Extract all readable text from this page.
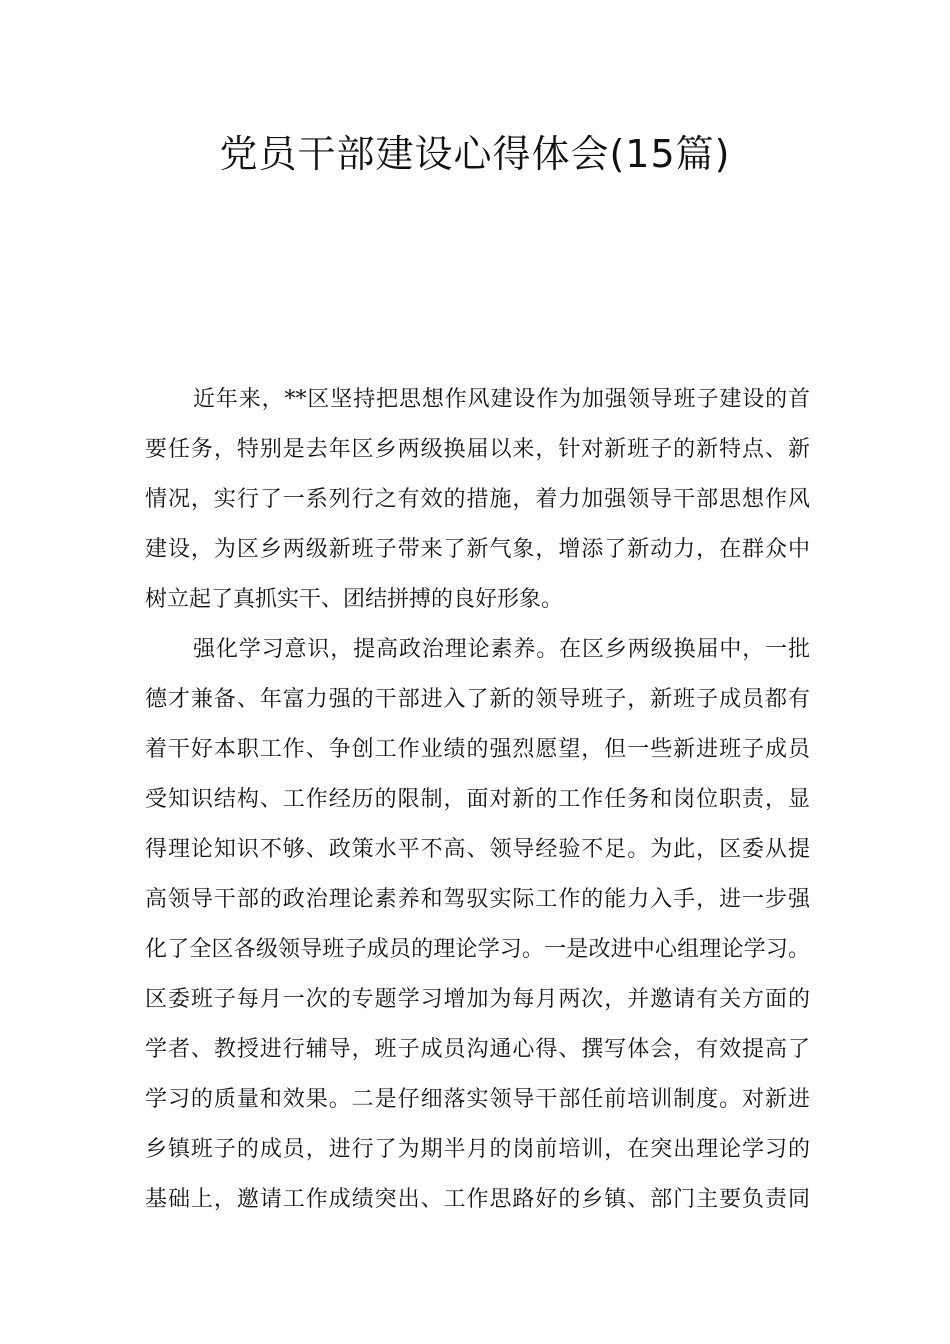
党员干部建设心得体会(15篇)
近年来，**区坚持把思想作风建设作为加强领导班子建设的首
要任务，特别是去年区乡两级换届以来，针对新班子的新特点、新
情况，实行了一系列行之有效的措施，着力加强领导干部思想作风
建设，为区乡两级新班子带来了新气象，增添了新动力，在群众中
树立起了真抓实干、团结拼搏的良好形象。
强化学习意识，提高政治理论素养。在区乡两级换届中，一批
德才兼备、年富力强的干部进入了新的领导班子，新班子成员都有
着干好本职工作、争创工作业绩的强烈愿望，但一些新进班子成员
受知识结构、工作经历的限制，面对新的工作任务和岗位职责，显
得理论知识不够、政策水平不高、领导经验不足。为此，区委从提
高领导干部的政治理论素养和驾驭实际工作的能力入手，进一步强
化了全区各级领导班子成员的理论学习。一是改进中心组理论学习。
区委班子每月一次的专题学习增加为每月两次，并邀请有关方面的
学者、教授进行辅导，班子成员沟通心得、撰写体会，有效提高了
学习的质量和效果。二是仔细落实领导干部任前培训制度。对新进
乡镇班子的成员，进行了为期半月的岗前培训，在突出理论学习的
基础上，邀请工作成绩突出、工作思路好的乡镇、部门主要负责同
